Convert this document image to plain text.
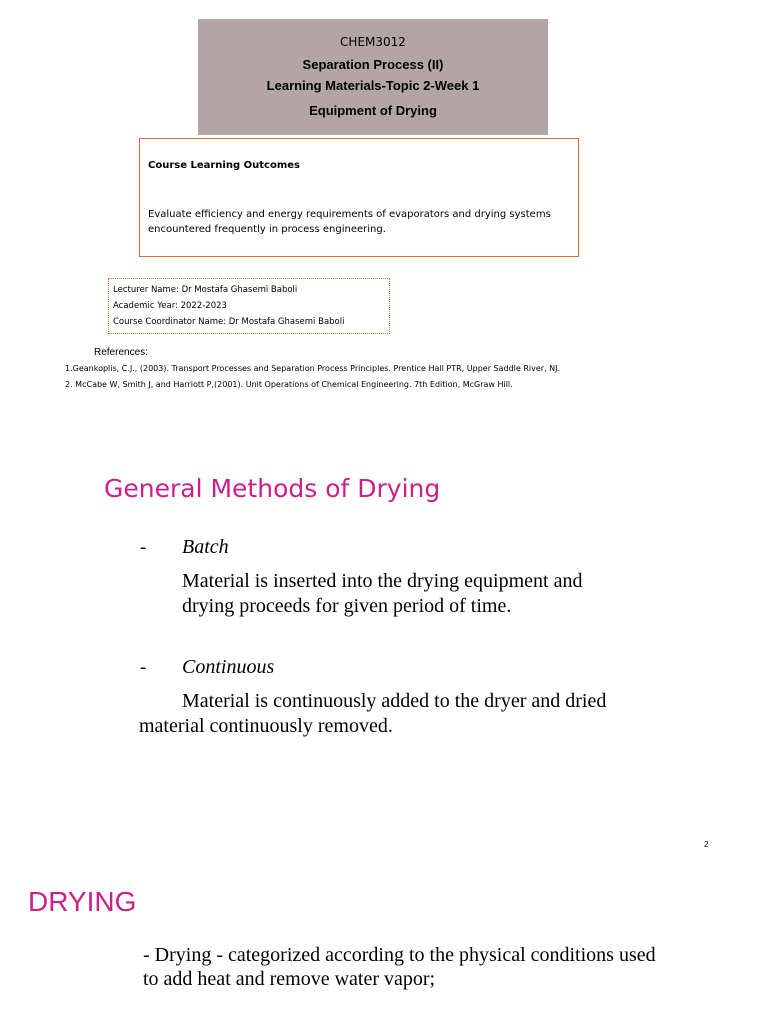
CHEM3012
Separation Process (II)
Learning Materials-Topic 2-Week 1
Equipment of Drying
Course Learning Outcomes
Evaluate efficiency and energy requirements of evaporators and drying systems encountered frequently in process engineering.
Lecturer Name: Dr Mostafa Ghasemi Baboli
Academic Year: 2022-2023
Course Coordinator Name: Dr Mostafa Ghasemi Baboli
References:
1.Geankoplis, C.J., (2003). Transport Processes and Separation Process Principles. Prentice Hall PTR, Upper Saddle River, NJ.
2. McCabe W, Smith J, and Harriott P,(2001). Unit Operations of Chemical Engineering. 7th Edition, McGraw Hill.
General Methods of Drying
- Batch
Material is inserted into the drying equipment and drying proceeds for given period of time.
- Continuous
Material is continuously added to the dryer and dried material continuously removed.
2
DRYING
- Drying - categorized according to the physical conditions used to add heat and remove water vapor;
